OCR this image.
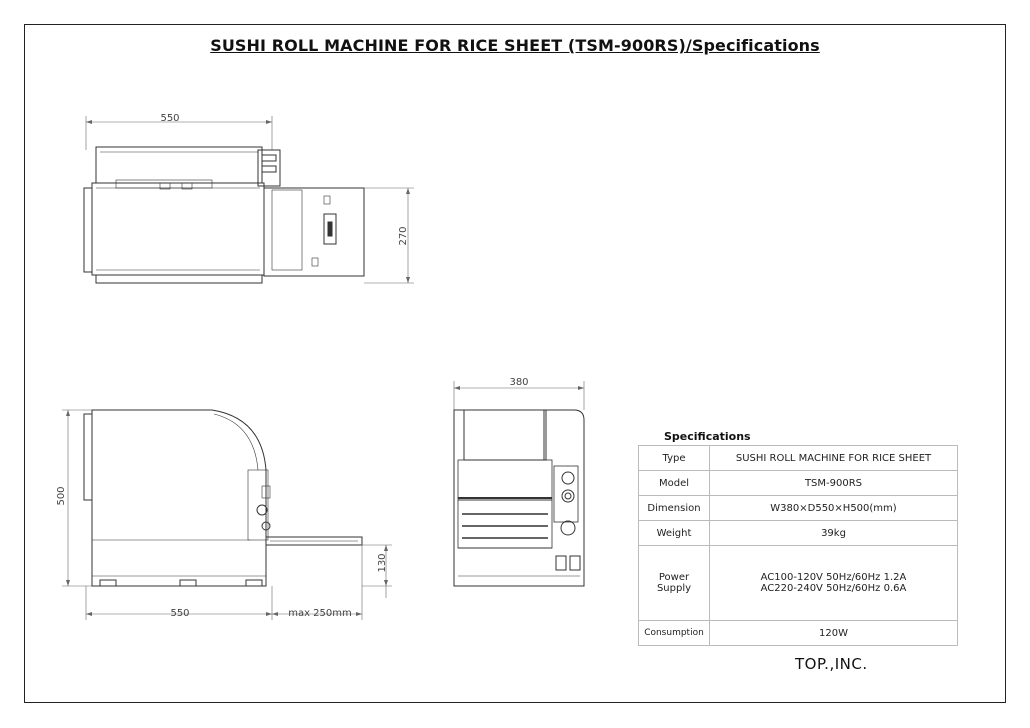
SUSHI ROLL MACHINE FOR RICE SHEET (TSM-900RS)/Specifications
550
270
500
550	max 250mm
130
380
Specifications
Type	SUSHI ROLL MACHINE FOR RICE SHEET
Model	TSM-900RS
Dimension	W380×D550×H500(mm)
Weight	39kg
Power Supply	AC100-120V 50Hz/60Hz 1.2A
AC220-240V 50Hz/60Hz 0.6A
Consumption	120W
TOP.,INC.
